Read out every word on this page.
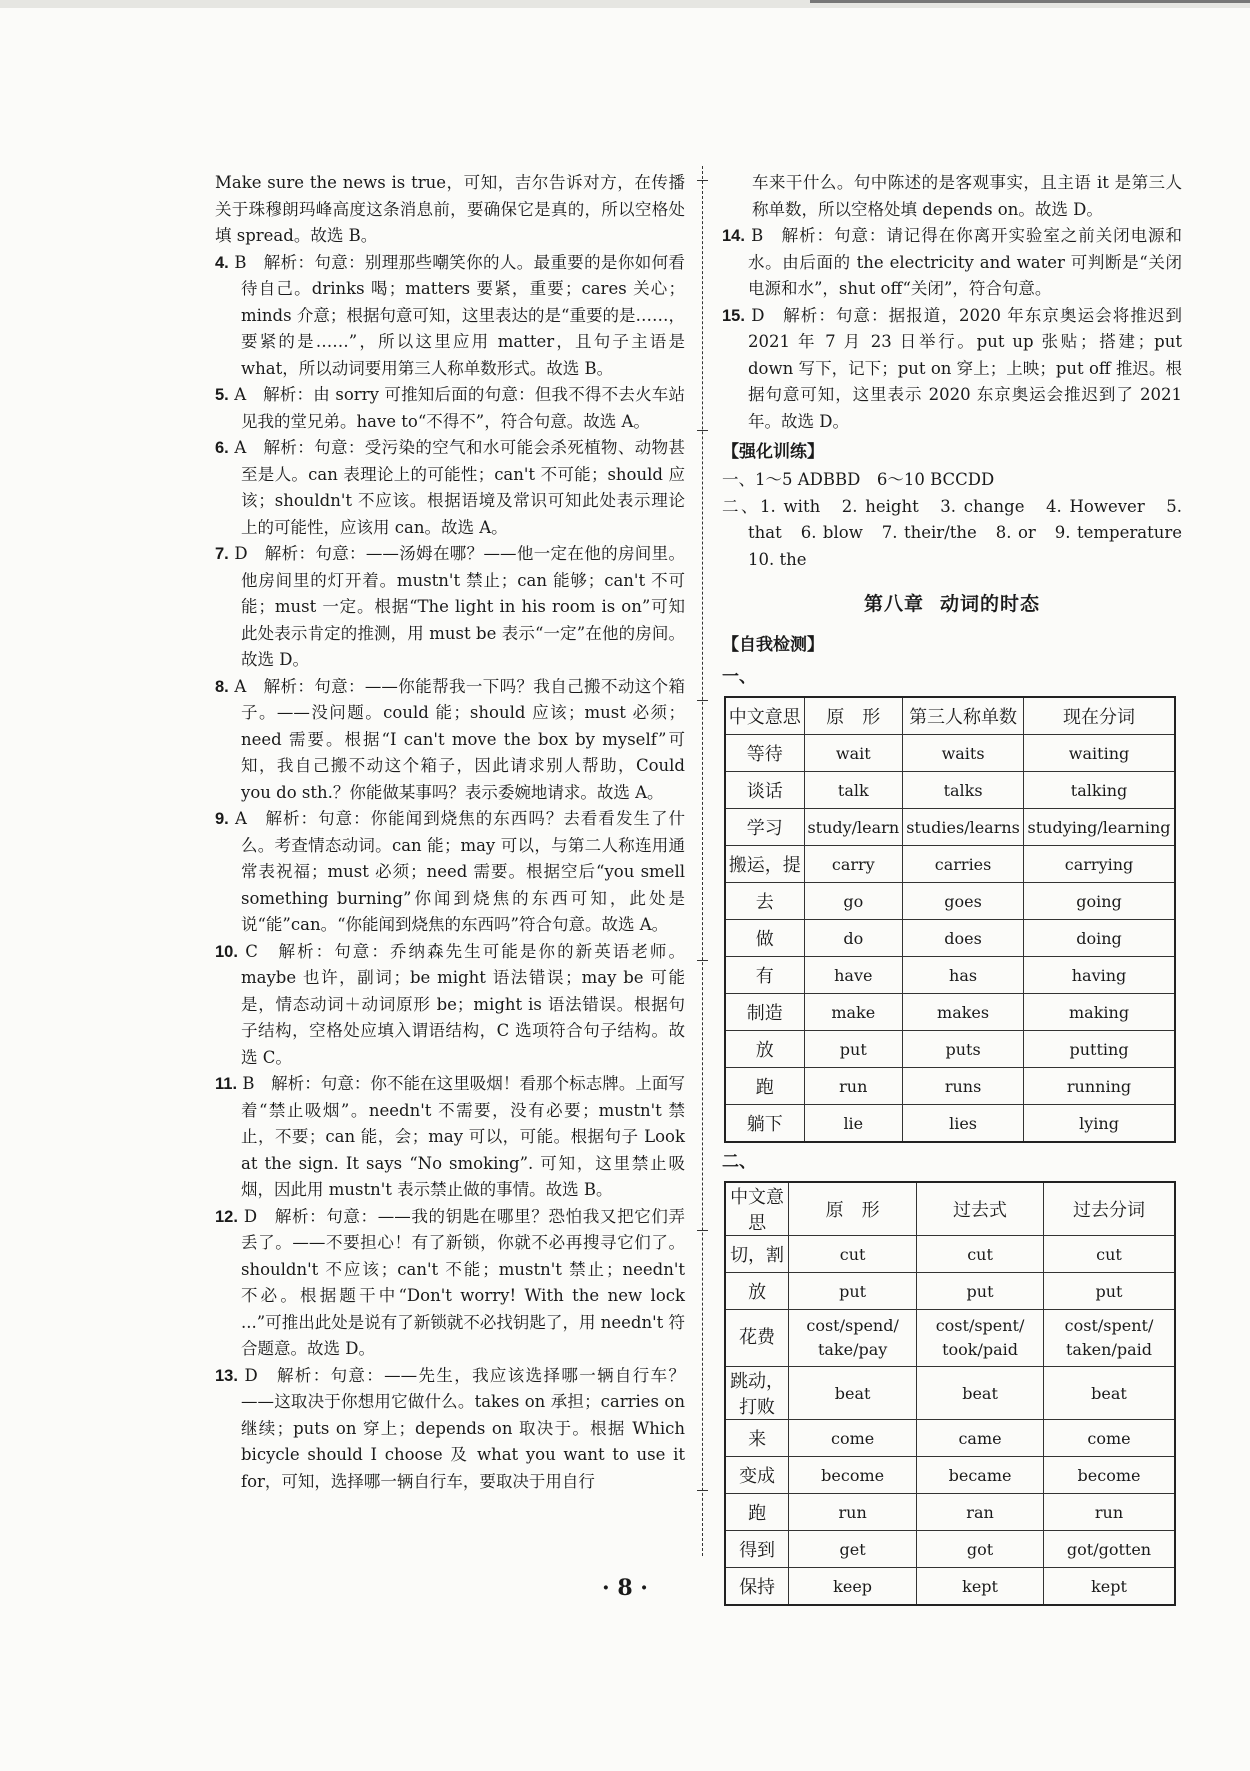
Make sure the news is true，可知，吉尔告诉对方，在传播关于珠穆朗玛峰高度这条消息前，要确保它是真的，所以空格处填 spread。故选 B。

4. B　解析：句意：别理那些嘲笑你的人。最重要的是你如何看待自己。drinks 喝；matters 要紧，重要；cares 关心；minds 介意；根据句意可知，这里表达的是“重要的是……，要紧的是……”，所以这里应用 matter，且句子主语是 what，所以动词要用第三人称单数形式。故选 B。

5. A　解析：由 sorry 可推知后面的句意：但我不得不去火车站见我的堂兄弟。have to“不得不”，符合句意。故选 A。

6. A　解析：句意：受污染的空气和水可能会杀死植物、动物甚至是人。can 表理论上的可能性；can't 不可能；should 应该；shouldn't 不应该。根据语境及常识可知此处表示理论上的可能性，应该用 can。故选 A。

7. D　解析：句意：——汤姆在哪？——他一定在他的房间里。他房间里的灯开着。mustn't 禁止；can 能够；can't 不可能；must 一定。根据“The light in his room is on”可知此处表示肯定的推测，用 must be 表示“一定”在他的房间。故选 D。

8. A　解析：句意：——你能帮我一下吗？我自己搬不动这个箱子。——没问题。could 能；should 应该；must 必须；need 需要。根据“I can't move the box by myself”可知，我自己搬不动这个箱子，因此请求别人帮助，Could you do sth.？你能做某事吗？表示委婉地请求。故选 A。

9. A　解析：句意：你能闻到烧焦的东西吗？去看看发生了什么。考查情态动词。can 能；may 可以，与第二人称连用通常表祝福；must 必须；need 需要。根据空后“you smell something burning”你闻到烧焦的东西可知，此处是说“能”can。“你能闻到烧焦的东西吗”符合句意。故选 A。

10. C　解析：句意：乔纳森先生可能是你的新英语老师。maybe 也许，副词；be might 语法错误；may be 可能是，情态动词＋动词原形 be；might is 语法错误。根据句子结构，空格处应填入谓语结构，C 选项符合句子结构。故选 C。

11. B　解析：句意：你不能在这里吸烟！看那个标志牌。上面写着“禁止吸烟”。needn't 不需要，没有必要；mustn't 禁止，不要；can 能，会；may 可以，可能。根据句子 Look at the sign. It says “No smoking”. 可知，这里禁止吸烟，因此用 mustn't 表示禁止做的事情。故选 B。

12. D　解析：句意：——我的钥匙在哪里？恐怕我又把它们弄丢了。——不要担心！有了新锁，你就不必再搜寻它们了。shouldn't 不应该；can't 不能；mustn't 禁止；needn't 不必。根据题干中“Don't worry! With the new lock ...”可推出此处是说有了新锁就不必找钥匙了，用 needn't 符合题意。故选 D。

13. D　解析：句意：——先生，我应该选择哪一辆自行车？——这取决于你想用它做什么。takes on 承担；carries on 继续；puts on 穿上；depends on 取决于。根据 Which bicycle should I choose 及 what you want to use it for，可知，选择哪一辆自行车，要取决于用自行

车来干什么。句中陈述的是客观事实，且主语 it 是第三人称单数，所以空格处填 depends on。故选 D。

14. B　解析：句意：请记得在你离开实验室之前关闭电源和水。由后面的 the electricity and water 可判断是“关闭电源和水”，shut off“关闭”，符合句意。

15. D　解析：句意：据报道，2020 年东京奥运会将推迟到 2021 年 7 月 23 日举行。put up 张贴；搭建；put down 写下，记下；put on 穿上；上映；put off 推迟。根据句意可知，这里表示 2020 东京奥运会推迟到了 2021 年。故选 D。

【强化训练】

一、1～5 ADBBD　6～10 BCCDD

二、1. with　2. height　3. change　4. However　5. that　6. blow　7. their/the　8. or　9. temperature　10. the

第八章 动词的时态

【自我检测】

一、
中文意思	原　形	第三人称单数	现在分词
等待	wait	waits	waiting
谈话	talk	talks	talking
学习	study/learn	studies/learns	studying/learning
搬运，提	carry	carries	carrying
去	go	goes	going
做	do	does	doing
有	have	has	having
制造	make	makes	making
放	put	puts	putting
跑	run	runs	running
躺下	lie	lies	lying
二、
中文意思	原　形	过去式	过去分词
切，割	cut	cut	cut
放	put	put	put
花费	cost/spend/ take/pay	cost/spent/ took/paid	cost/spent/ taken/paid
跳动，打败	beat	beat	beat
来	come	came	come
变成	become	became	become
跑	run	ran	run
得到	get	got	got/gotten
保持	keep	kept	kept
· 8 ·
